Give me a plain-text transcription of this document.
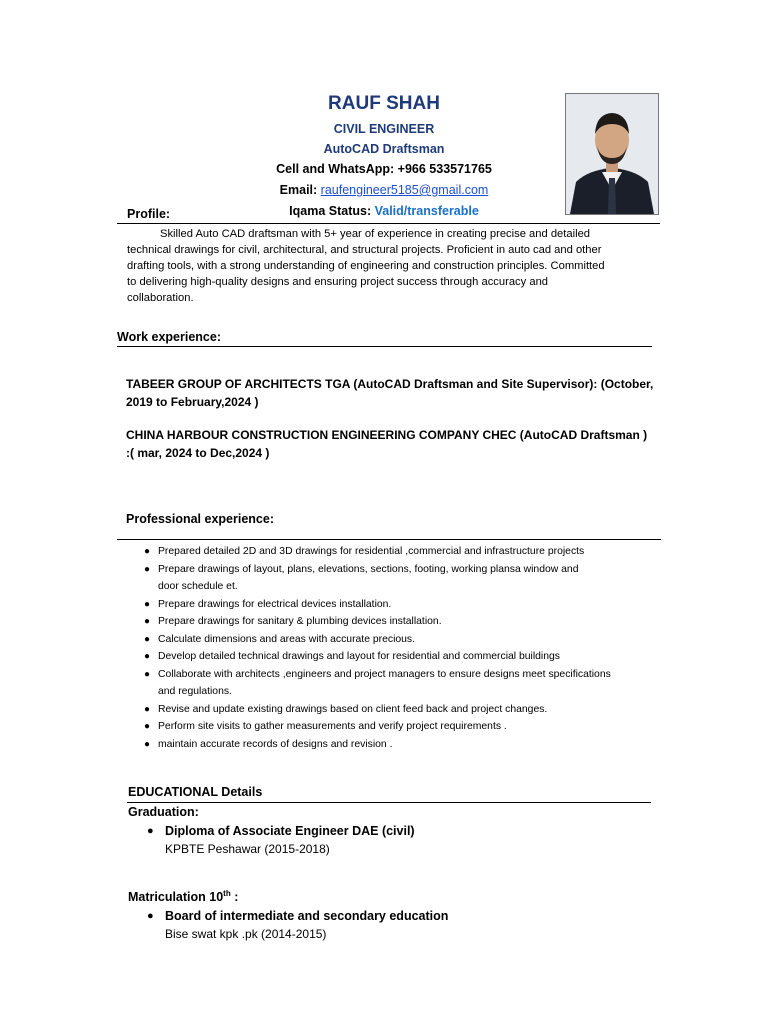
RAUF SHAH
CIVIL ENGINEER
AutoCAD Draftsman
Cell and WhatsApp: +966 533571765
Email: raufengineer5185@gmail.com
Iqama Status: Valid/transferable
Profile:
Skilled Auto CAD draftsman with 5+ year of experience in creating precise and detailed
technical drawings for civil, architectural, and structural projects. Proficient in auto cad and other
drafting tools, with a strong understanding of engineering and construction principles. Committed
to delivering high-quality designs and ensuring project success through accuracy and
collaboration.
Work experience:
TABEER GROUP OF ARCHITECTS TGA (AutoCAD Draftsman and Site Supervisor): (October,
2019 to February,2024 )
CHINA HARBOUR CONSTRUCTION ENGINEERING COMPANY CHEC (AutoCAD Draftsman )
:( mar, 2024 to Dec,2024 )
Professional experience:
● Prepared detailed 2D and 3D drawings for residential ,commercial and infrastructure projects
● Prepare drawings of layout, plans, elevations, sections, footing, working plansa window and
door schedule et.
● Prepare drawings for electrical devices installation.
● Prepare drawings for sanitary & plumbing devices installation.
● Calculate dimensions and areas with accurate precious.
● Develop detailed technical drawings and layout for residential and commercial buildings
● Collaborate with architects ,engineers and project managers to ensure designs meet specifications
and regulations.
● Revise and update existing drawings based on client feed back and project changes.
● Perform site visits to gather measurements and verify project requirements .
● maintain accurate records of designs and revision .
EDUCATIONAL Details
Graduation:
● Diploma of Associate Engineer DAE (civil)
KPBTE Peshawar (2015-2018)
Matriculation 10th :
● Board of intermediate and secondary education
Bise swat kpk .pk (2014-2015)
